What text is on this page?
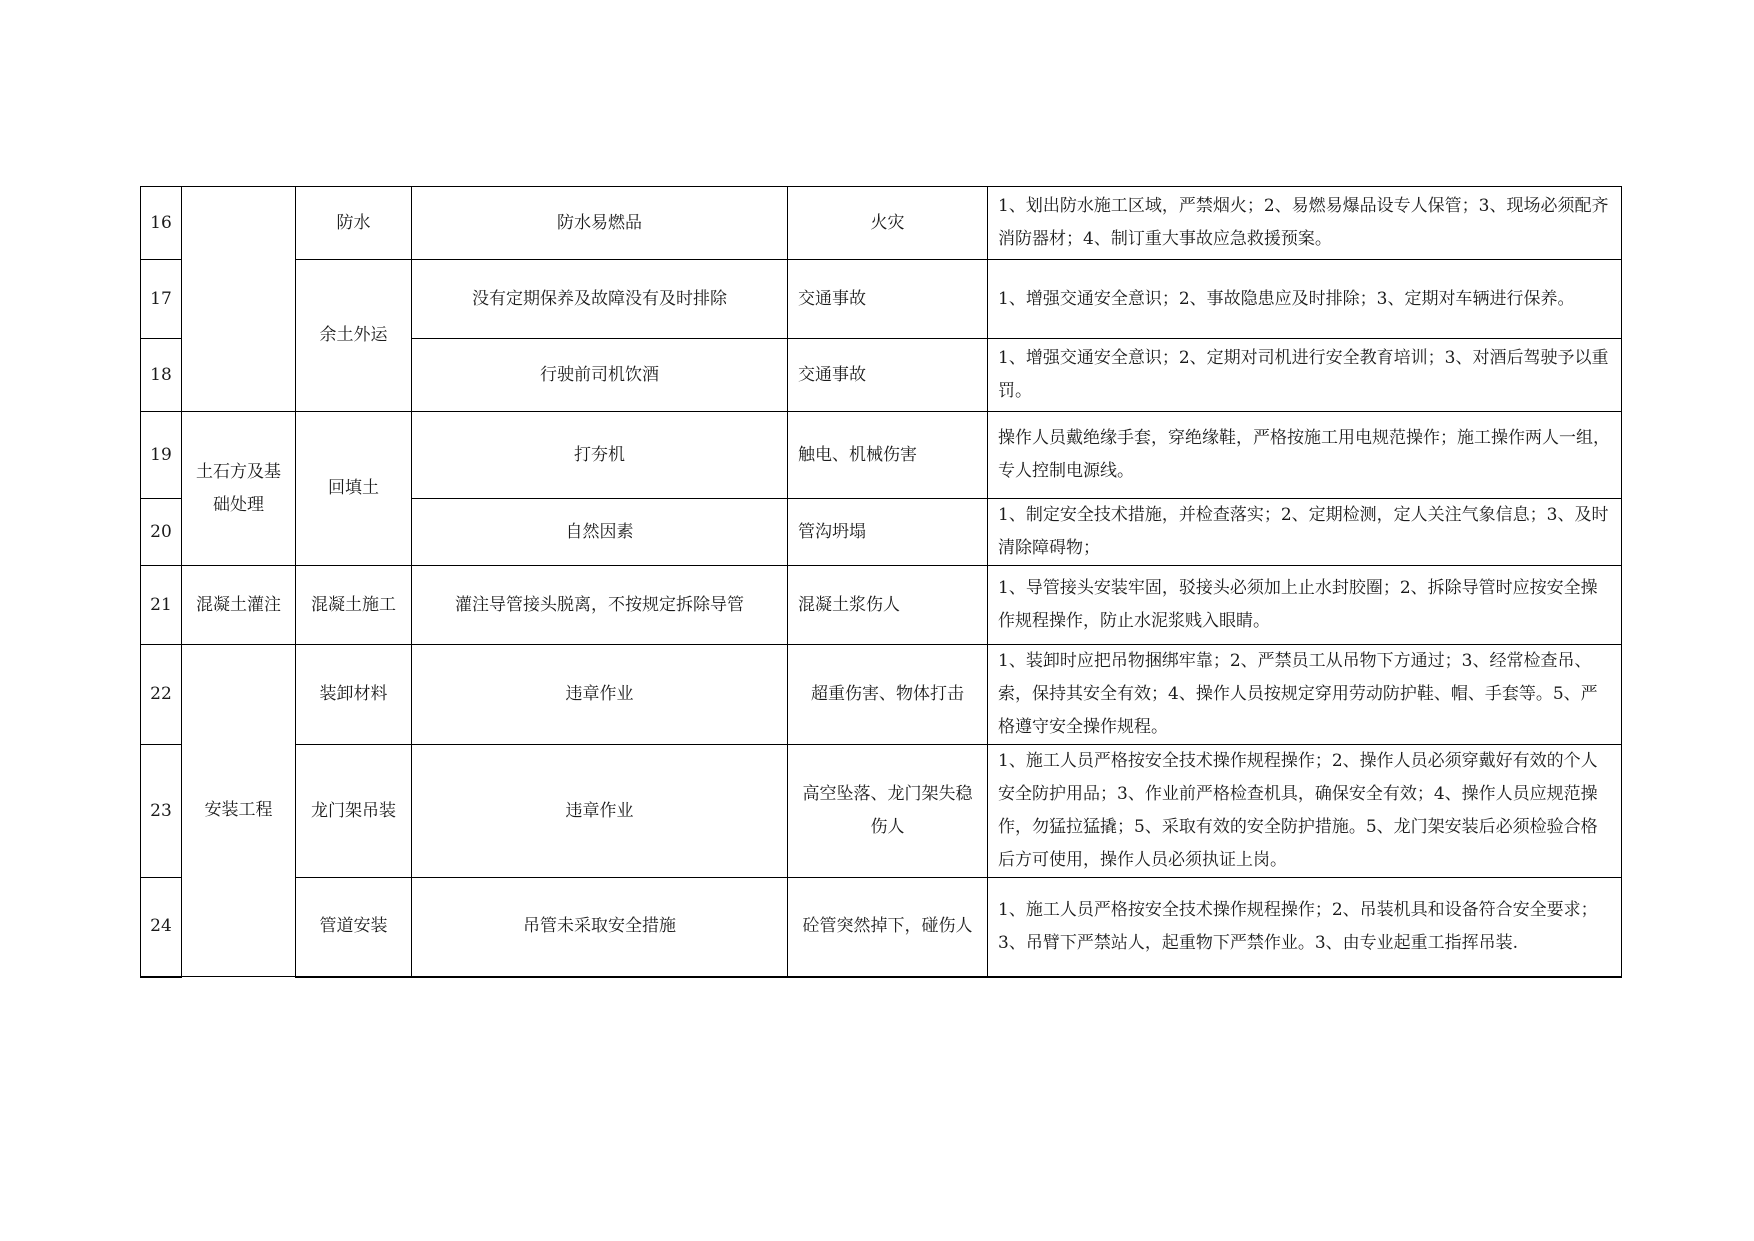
16		防水	防水易燃品	火灾	1、划出防水施工区域，严禁烟火；2、易燃易爆品设专人保管；3、现场必须配齐消防器材；4、制订重大事故应急救援预案。
17		余土外运	没有定期保养及故障没有及时排除	交通事故	1、增强交通安全意识；2、事故隐患应及时排除；3、定期对车辆进行保养。
18			行驶前司机饮酒	交通事故	1、增强交通安全意识；2、定期对司机进行安全教育培训；3、对酒后驾驶予以重罚。
19	土石方及基础处理	回填土	打夯机	触电、机械伤害	操作人员戴绝缘手套，穿绝缘鞋，严格按施工用电规范操作；施工操作两人一组，专人控制电源线。
20			自然因素	管沟坍塌	1、制定安全技术措施，并检查落实；2、定期检测，定人关注气象信息；3、及时清除障碍物；
21	混凝土灌注	混凝土施工	灌注导管接头脱离，不按规定拆除导管	混凝土浆伤人	1、导管接头安装牢固，驳接头必须加上止水封胶圈；2、拆除导管时应按安全操作规程操作，防止水泥浆贱入眼睛。
22	安装工程	装卸材料	违章作业	超重伤害、物体打击	1、装卸时应把吊物捆绑牢靠；2、严禁员工从吊物下方通过；3、经常检查吊、索，保持其安全有效；4、操作人员按规定穿用劳动防护鞋、帽、手套等。5、严格遵守安全操作规程。
23		龙门架吊装	违章作业	高空坠落、龙门架失稳伤人	1、施工人员严格按安全技术操作规程操作；2、操作人员必须穿戴好有效的个人安全防护用品；3、作业前严格检查机具，确保安全有效；4、操作人员应规范操作，勿猛拉猛撬；5、采取有效的安全防护措施。5、龙门架安装后必须检验合格后方可使用，操作人员必须执证上岗。
24		管道安装	吊管未采取安全措施	砼管突然掉下，碰伤人	1、施工人员严格按安全技术操作规程操作；2、吊装机具和设备符合安全要求；3、吊臂下严禁站人，起重物下严禁作业。3、由专业起重工指挥吊装.
